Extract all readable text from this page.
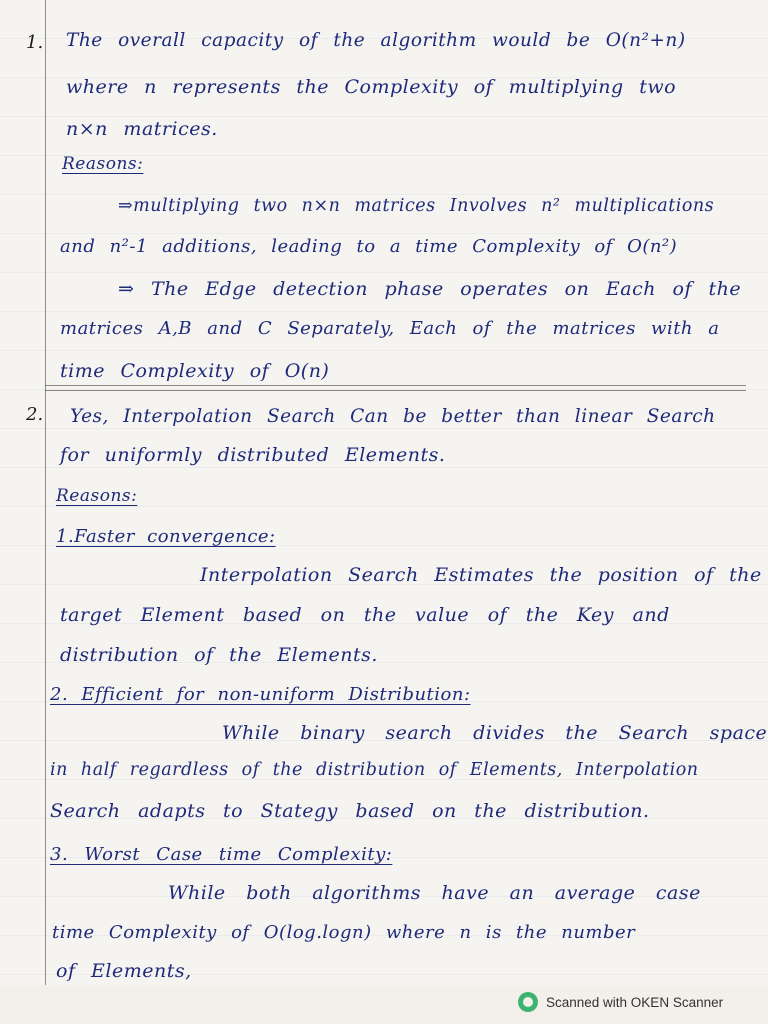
1. The overall capacity of the algorithm would be O(n²+n)
where n represents the Complexity of multiplying two
n×n matrices.
Reasons:
⇒multiplying two n×n matrices Involves n² multiplications
and n²-1 additions, leading to a time Complexity of O(n²)
⇒ The Edge detection phase operates on Each of the
matrices A,B and C Separately, Each of the matrices with a
time Complexity of O(n)
2. Yes, Interpolation Search Can be better than linear Search
for uniformly distributed Elements.
Reasons:
1.Faster convergence:
Interpolation Search Estimates the position of the
target Element based on the value of the Key and
distribution of the Elements.
2. Efficient for non-uniform Distribution:
While binary search divides the Search space
in half regardless of the distribution of Elements, Interpolation
Search adapts to Stategy based on the distribution.
3. Worst Case time Complexity:
While both algorithms have an average case
time Complexity of O(log.logn) where n is the number
of Elements,
Scanned with OKEN Scanner
